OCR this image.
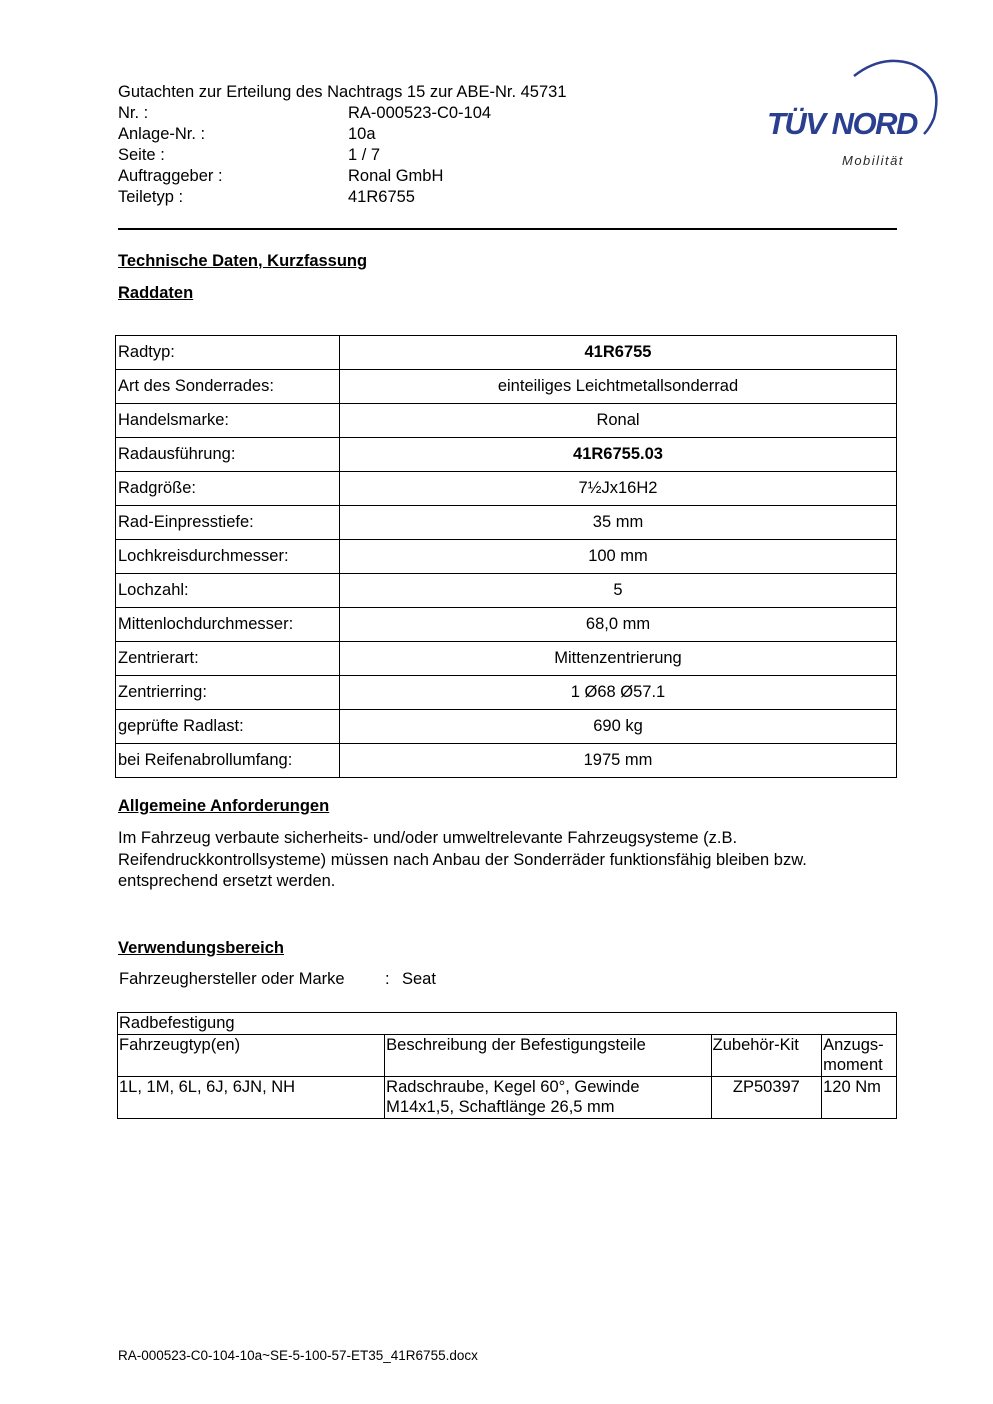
Gutachten zur Erteilung des Nachtrags 15 zur ABE-Nr. 45731
Nr. :	RA-000523-C0-104
Anlage-Nr. :	10a
Seite :	1 / 7
Auftraggeber :	Ronal GmbH
Teiletyp :	41R6755
TÜV NORD
Mobilität
Technische Daten, Kurzfassung
Raddaten
Radtyp:	41R6755
Art des Sonderrades:	einteiliges Leichtmetallsonderrad
Handelsmarke:	Ronal
Radausführung:	41R6755.03
Radgröße:	7½Jx16H2
Rad-Einpresstiefe:	35 mm
Lochkreisdurchmesser:	100 mm
Lochzahl:	5
Mittenlochdurchmesser:	68,0 mm
Zentrierart:	Mittenzentrierung
Zentrierring:	1 Ø68 Ø57.1
geprüfte Radlast:	690 kg
bei Reifenabrollumfang:	1975 mm
Allgemeine Anforderungen
Im Fahrzeug verbaute sicherheits- und/oder umweltrelevante Fahrzeugsysteme (z.B. Reifendruckkontrollsysteme) müssen nach Anbau der Sonderräder funktionsfähig bleiben bzw. entsprechend ersetzt werden.
Verwendungsbereich
Fahrzeughersteller oder Marke : Seat
Radbefestigung			
Fahrzeugtyp(en)	Beschreibung der Befestigungsteile	Zubehör-Kit	Anzugs-
moment

1L, 1M, 6L, 6J, 6JN, NH	Radschraube, Kegel 60°, Gewinde
M14x1,5, Schaftlänge 26,5 mm	ZP50397	120 Nm
RA-000523-C0-104-10a~SE-5-100-57-ET35_41R6755.docx
